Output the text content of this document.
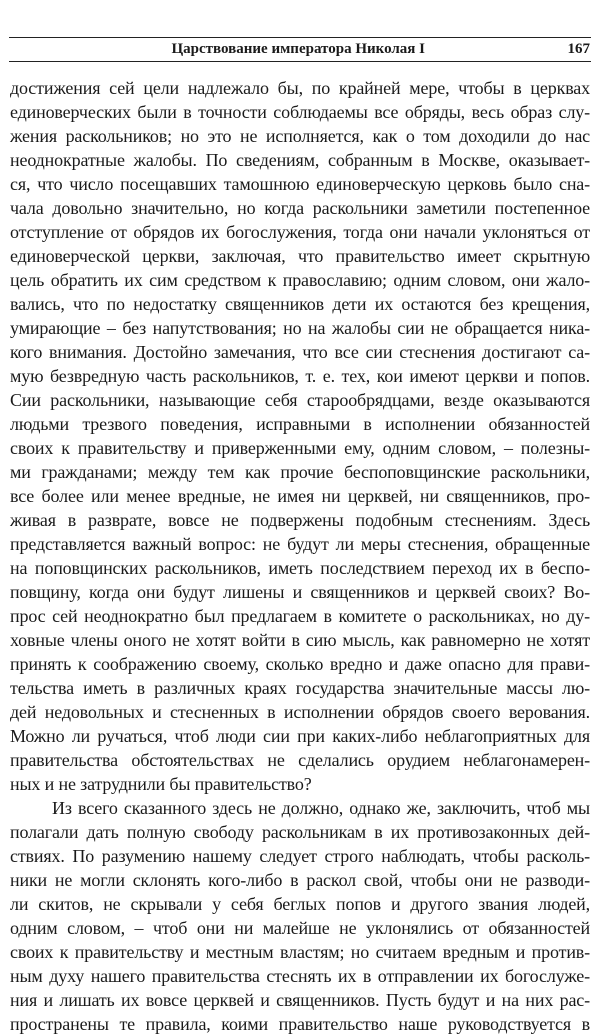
Царствование императора Николая I	167
достижения сей цели надлежало бы, по крайней мере, чтобы в церквах
единоверческих были в точности соблюдаемы все обряды, весь образ слу-
жения раскольников; но это не исполняется, как о том доходили до нас
неоднократные жалобы. По сведениям, собранным в Москве, оказывает-
ся, что число посещавших тамошнюю единоверческую церковь было сна-
чала довольно значительно, но когда раскольники заметили постепенное
отступление от обрядов их богослужения, тогда они начали уклоняться от
единоверческой церкви, заключая, что правительство имеет скрытную
цель обратить их сим средством к православию; одним словом, они жало-
вались, что по недостатку священников дети их остаются без крещения,
умирающие – без напутствования; но на жалобы сии не обращается ника-
кого внимания. Достойно замечания, что все сии стеснения достигают са-
мую безвредную часть раскольников, т. е. тех, кои имеют церкви и попов.
Сии раскольники, называющие себя старообрядцами, везде оказываются
людьми трезвого поведения, исправными в исполнении обязанностей
своих к правительству и приверженными ему, одним словом, – полезны-
ми гражданами; между тем как прочие беспоповщинские раскольники,
все более или менее вредные, не имея ни церквей, ни священников, про-
живая в разврате, вовсе не подвержены подобным стеснениям. Здесь
представляется важный вопрос: не будут ли меры стеснения, обращенные
на поповщинских раскольников, иметь последствием переход их в беспо-
повщину, когда они будут лишены и священников и церквей своих? Во-
прос сей неоднократно был предлагаем в комитете о раскольниках, но ду-
ховные члены оного не хотят войти в сию мысль, как равномерно не хотят
принять к соображению своему, сколько вредно и даже опасно для прави-
тельства иметь в различных краях государства значительные массы лю-
дей недовольных и стесненных в исполнении обрядов своего верования.
Можно ли ручаться, чтоб люди сии при каких-либо неблагоприятных для
правительства обстоятельствах не сделались орудием неблагонамерен-
ных и не затруднили бы правительство?
Из всего сказанного здесь не должно, однако же, заключить, чтоб мы
полагали дать полную свободу раскольникам в их противозаконных дей-
ствиях. По разумению нашему следует строго наблюдать, чтобы расколь-
ники не могли склонять кого-либо в раскол свой, чтобы они не разводи-
ли скитов, не скрывали у себя беглых попов и другого звания людей,
одним словом, – чтоб они ни малейше не уклонялись от обязанностей
своих к правительству и местным властям; но считаем вредным и против-
ным духу нашего правительства стеснять их в отправлении их богослуже-
ния и лишать их вовсе церквей и священников. Пусть будут и на них рас-
пространены те правила, коими правительство наше руководствуется в
